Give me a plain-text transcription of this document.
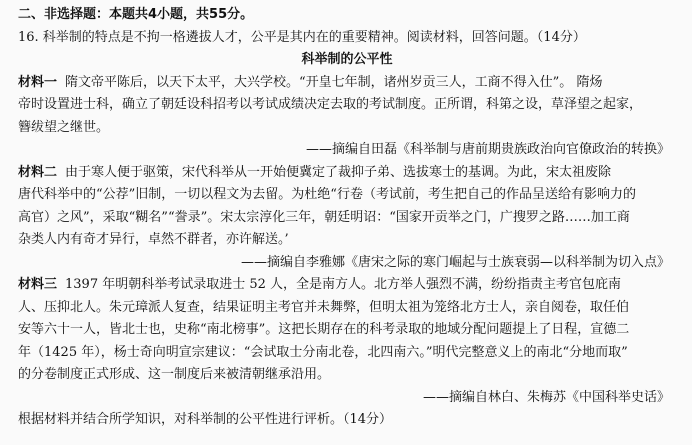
二、非选择题：本题共4小题，共55分。
16. 科举制的特点是不拘一格遴拔人才，公平是其内在的重要精神。阅读材料，回答问题。（14分）
科举制的公平性
材料一 隋文帝平陈后，以天下太平，大兴学校。“开皇七年制，诸州岁贡三人，工商不得入仕”。 隋炀
帝时设置进士科，确立了朝廷设科招考以考试成绩决定去取的考试制度。正所谓，科第之设，草泽望之起家，
簪绂望之继世。
——摘编自田磊《科举制与唐前期贵族政治向官僚政治的转换》
材料二 由于寒人便于驱策，宋代科举从一开始便冀定了裁抑子弟、选拔寒士的基调。为此，宋太祖废除
唐代科举中的“公荐”旧制，一切以程文为去留。为杜绝“行卷（考试前，考生把自己的作品呈送给有影响力的
高官）之风”，采取“糊名”“誊录”。宋太宗淳化三年，朝廷明诏：“国家开贡举之门，广搜罗之路……加工商
杂类人内有奇才异行，卓然不群者，亦许解送。’
——摘编自李雅娜《唐宋之际的寒门崛起与士族衰弱—以科举制为切入点》
材料三 1397 年明朝科举考试录取进士 52 人，全是南方人。北方举人强烈不满，纷纷指责主考官包庇南
人、压抑北人。朱元璋派人复查，结果证明主考官并未舞弊，但明太祖为笼络北方士人，亲自阅卷，取任伯
安等六十一人，皆北士也，史称“南北榜事”。这把长期存在的科考录取的地域分配问题提上了日程，宣德二
年（1425 年），杨士奇向明宣宗建议：“会试取士分南北卷，北四南六。”明代完整意义上的南北“分地而取”
的分卷制度正式形成、这一制度后来被清朝继承沿用。
——摘编自林白、朱梅苏《中国科举史话》
根据材料并结合所学知识，对科举制的公平性进行评析。（14分）
